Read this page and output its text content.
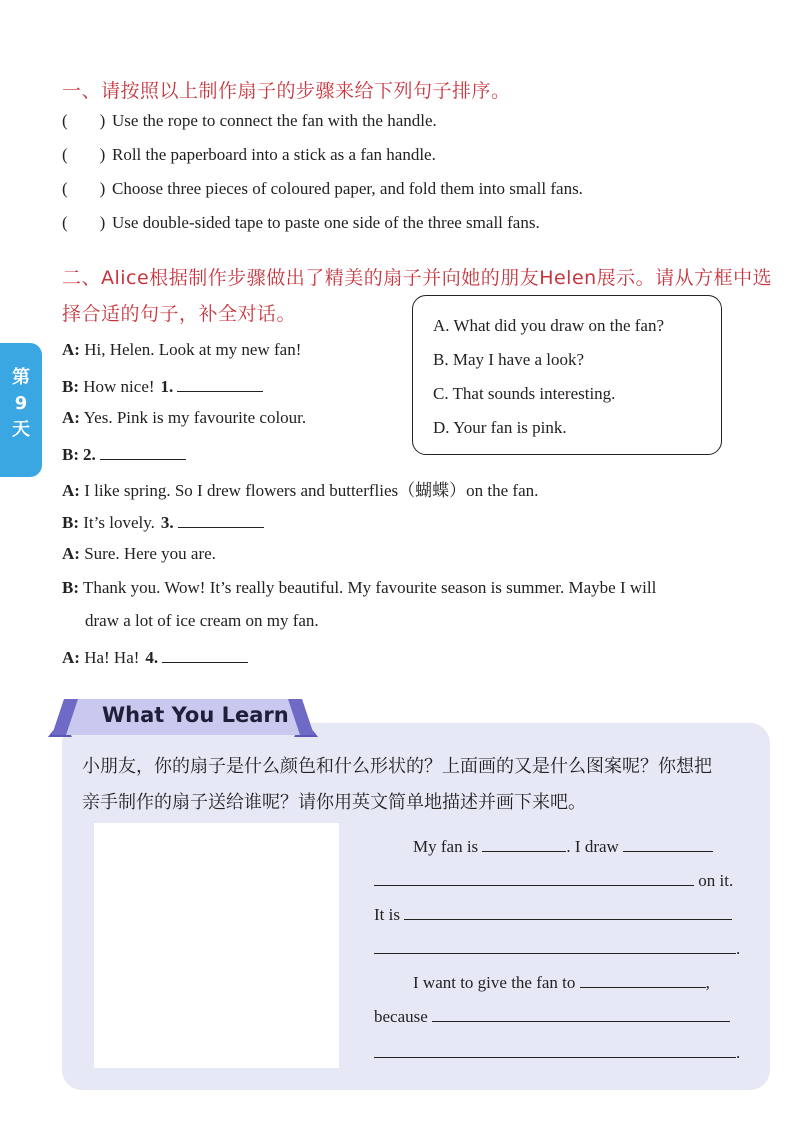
一、请按照以上制作扇子的步骤来给下列句子排序。
( ) Use the rope to connect the fan with the handle.
( ) Roll the paperboard into a stick as a fan handle.
( ) Choose three pieces of coloured paper, and fold them into small fans.
( ) Use double-sided tape to paste one side of the three small fans.
二、Alice根据制作步骤做出了精美的扇子并向她的朋友Helen展示。请从方框中选
择合适的句子，补全对话。
A. What did you draw on the fan?
B. May I have a look?
C. That sounds interesting.
D. Your fan is pink.
第9天
A: Hi, Helen. Look at my new fan!
B: How nice! 1.
A: Yes. Pink is my favourite colour.
B: 2.
A: I like spring. So I drew flowers and butterflies（蝴蝶）on the fan.
B: It’s lovely. 3.
A: Sure. Here you are.
B: Thank you. Wow! It’s really beautiful. My favourite season is summer. Maybe I will
draw a lot of ice cream on my fan.
A: Ha! Ha! 4.
What You Learn
小朋友，你的扇子是什么颜色和什么形状的？上面画的又是什么图案呢？你想把
亲手制作的扇子送给谁呢？请你用英文简单地描述并画下来吧。
My fan is	. I draw
on it.
It is
.
I want to give the fan to	,
because
.
